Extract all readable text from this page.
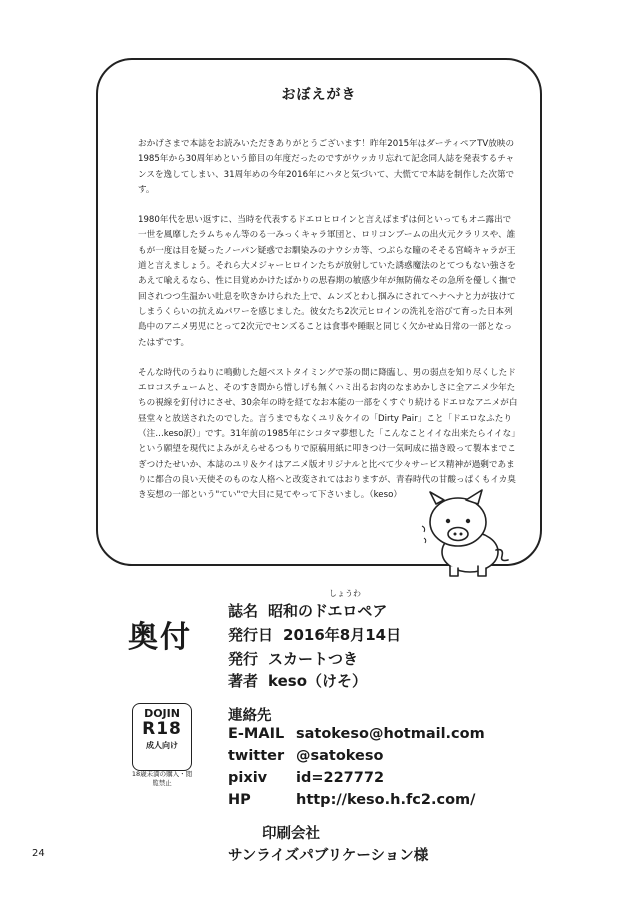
おぼえがき

おかげさまで本誌をお読みいただきありがとうございます！昨年2015年はダーティペアTV放映の1985年から30周年めという節目の年度だったのですがウッカリ忘れて記念同人誌を発表するチャンスを逸してしまい、31周年めの今年2016年にハタと気づいて、大慌てで本誌を制作した次第です。

1980年代を思い返すに、当時を代表するドエロヒロインと言えばまずは何といってもオニ露出で一世を風靡したラムちゃん等のる一みっくキャラ軍団と、ロリコンブームの出火元クラリスや、誰もが一度は目を疑ったノーパン疑惑でお馴染みのナウシカ等、つぶらな瞳のそそる宮崎キャラが王道と言えましょう。それら大メジャーヒロインたちが放射していた誘惑魔法のとてつもない強さをあえて喩えるなら、性に目覚めかけたばかりの思春期の敏感少年が無防備なその急所を優しく撫で回されつつ生温かい吐息を吹きかけられた上で、ムンズとわし掴みにされてヘナヘナと力が抜けてしまうくらいの抗えぬパワーを感じました。彼女たち2次元ヒロインの洗礼を浴びて育った日本列島中のアニメ男児にとって2次元でセンズることは食事や睡眠と同じく欠かせぬ日常の一部となったはずです。

そんな時代のうねりに鳴動した超ベストタイミングで茶の間に降臨し、男の弱点を知り尽くしたドエロコスチュームと、そのすき間から惜しげも無くハミ出るお肉のなまめかしさに全アニメ少年たちの視線を釘付けにさせ、30余年の時を経てなお本能の一部をくすぐり続けるドエロなアニメが白昼堂々と放送されたのでした。言うまでもなくユリ＆ケイの「Dirty Pair」こと「ドエロなふたり（注…keso訳）」です。31年前の1985年にシコタマ夢想した「こんなことイイな出来たらイイな」という願望を現代によみがえらせるつもりで原稿用紙に叩きつけ一気呵成に描き殴って製本までこぎつけたせいか、本誌のユリ＆ケイはアニメ版オリジナルと比べて少々サービス精神が過剰であまりに都合の良い天使そのものな人格へと改変されてはおりますが、青春時代の甘酸っぱくもイカ臭き妄想の一部という"てい"で大目に見てやって下さいまし。（keso）

奥付
しょうわ
誌名 昭和のドエロペア
発行日 2016年8月14日
発行 スカートつき
著者 keso（けそ）
DOJIN
R18
成人向け
18歳未満の購入・閲覧禁止
連絡先
E-MAIL satokeso@hotmail.com
twitter @satokeso
pixiv id=227772
HP	http://keso.h.fc2.com/
印刷会社
サンライズパブリケーション様
24
